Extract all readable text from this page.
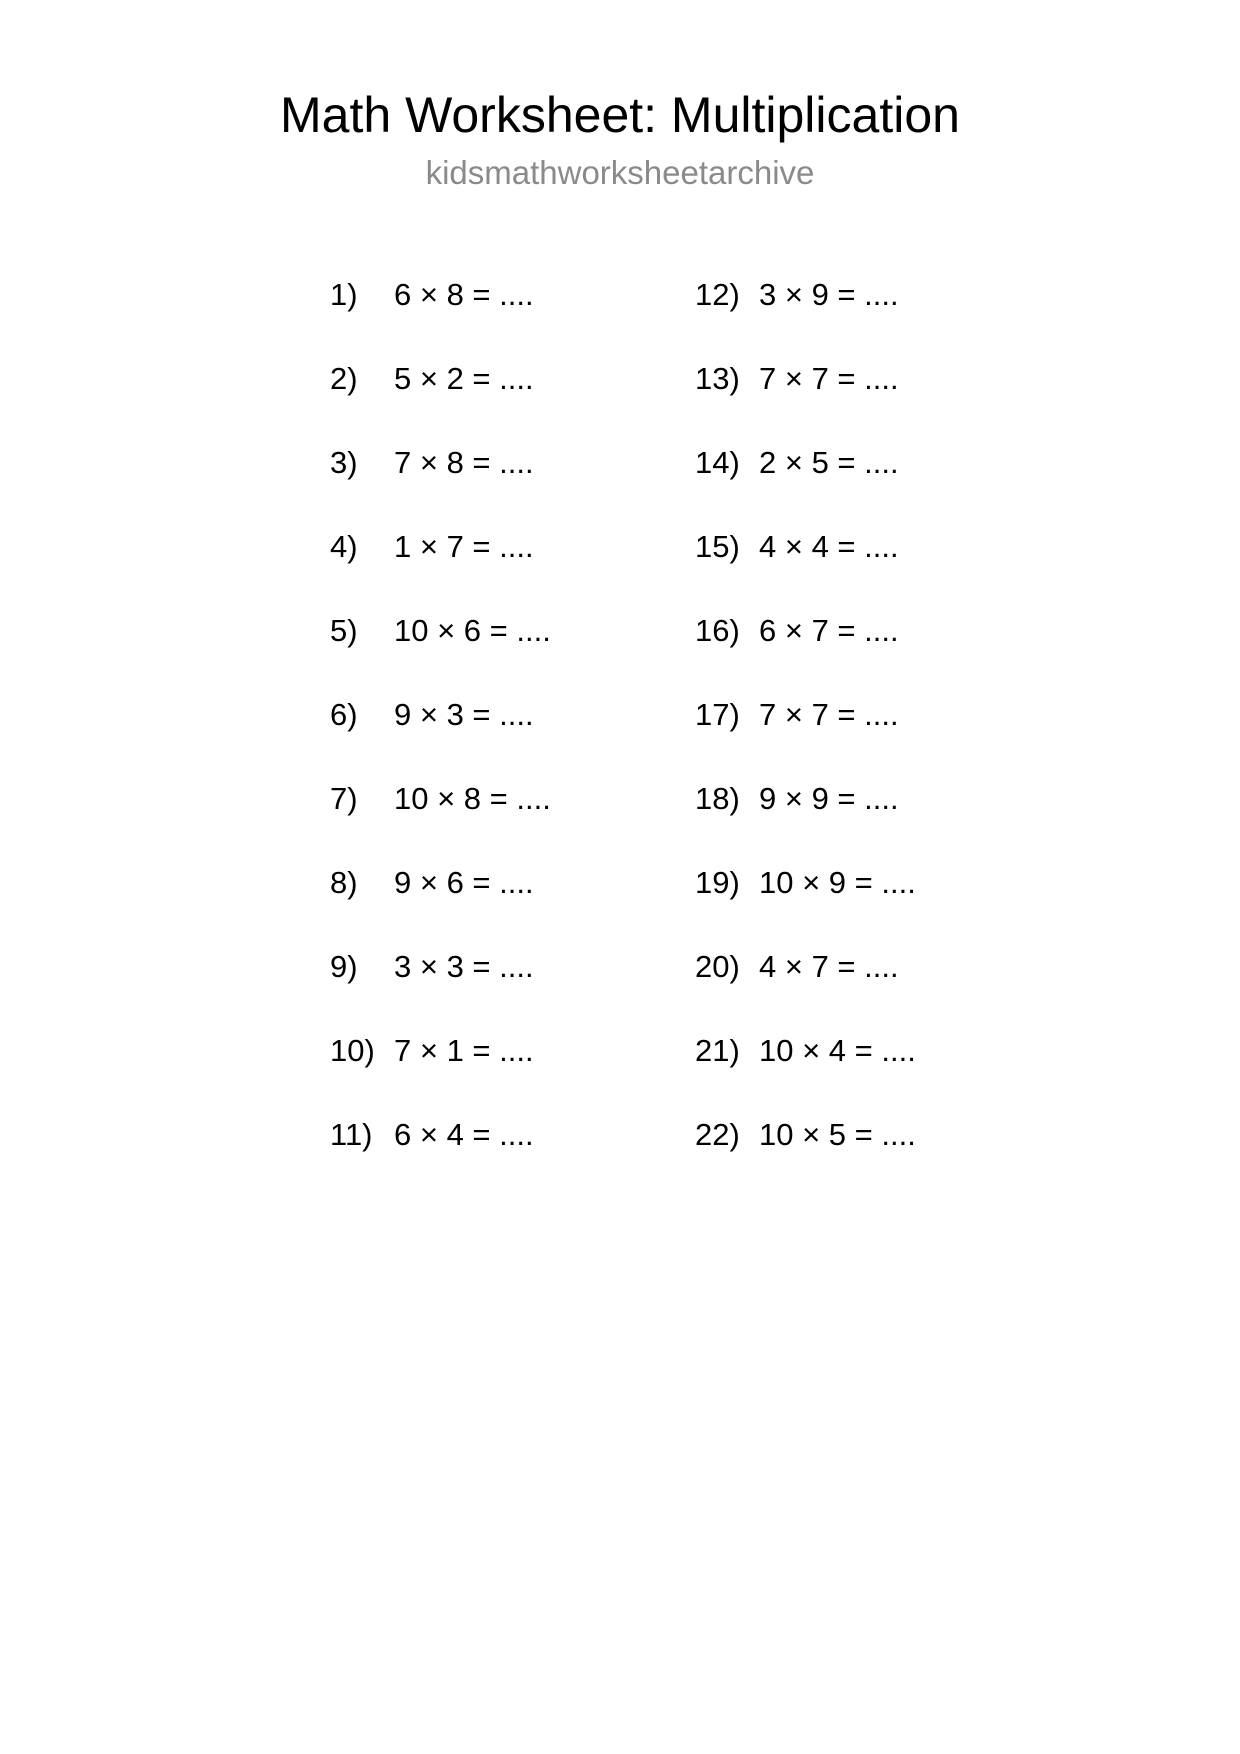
Math Worksheet: Multiplication
kidsmathworksheetarchive
1)	6 × 8 = ....
2)	5 × 2 = ....
3)	7 × 8 = ....
4)	1 × 7 = ....
5)	10 × 6 = ....
6)	9 × 3 = ....
7)	10 × 8 = ....
8)	9 × 6 = ....
9)	3 × 3 = ....
10) 7 × 1 = ....
11) 6 × 4 = ....
12) 3 × 9 = ....
13) 7 × 7 = ....
14) 2 × 5 = ....
15) 4 × 4 = ....
16) 6 × 7 = ....
17) 7 × 7 = ....
18) 9 × 9 = ....
19) 10 × 9 = ....
20) 4 × 7 = ....
21) 10 × 4 = ....
22) 10 × 5 = ....
